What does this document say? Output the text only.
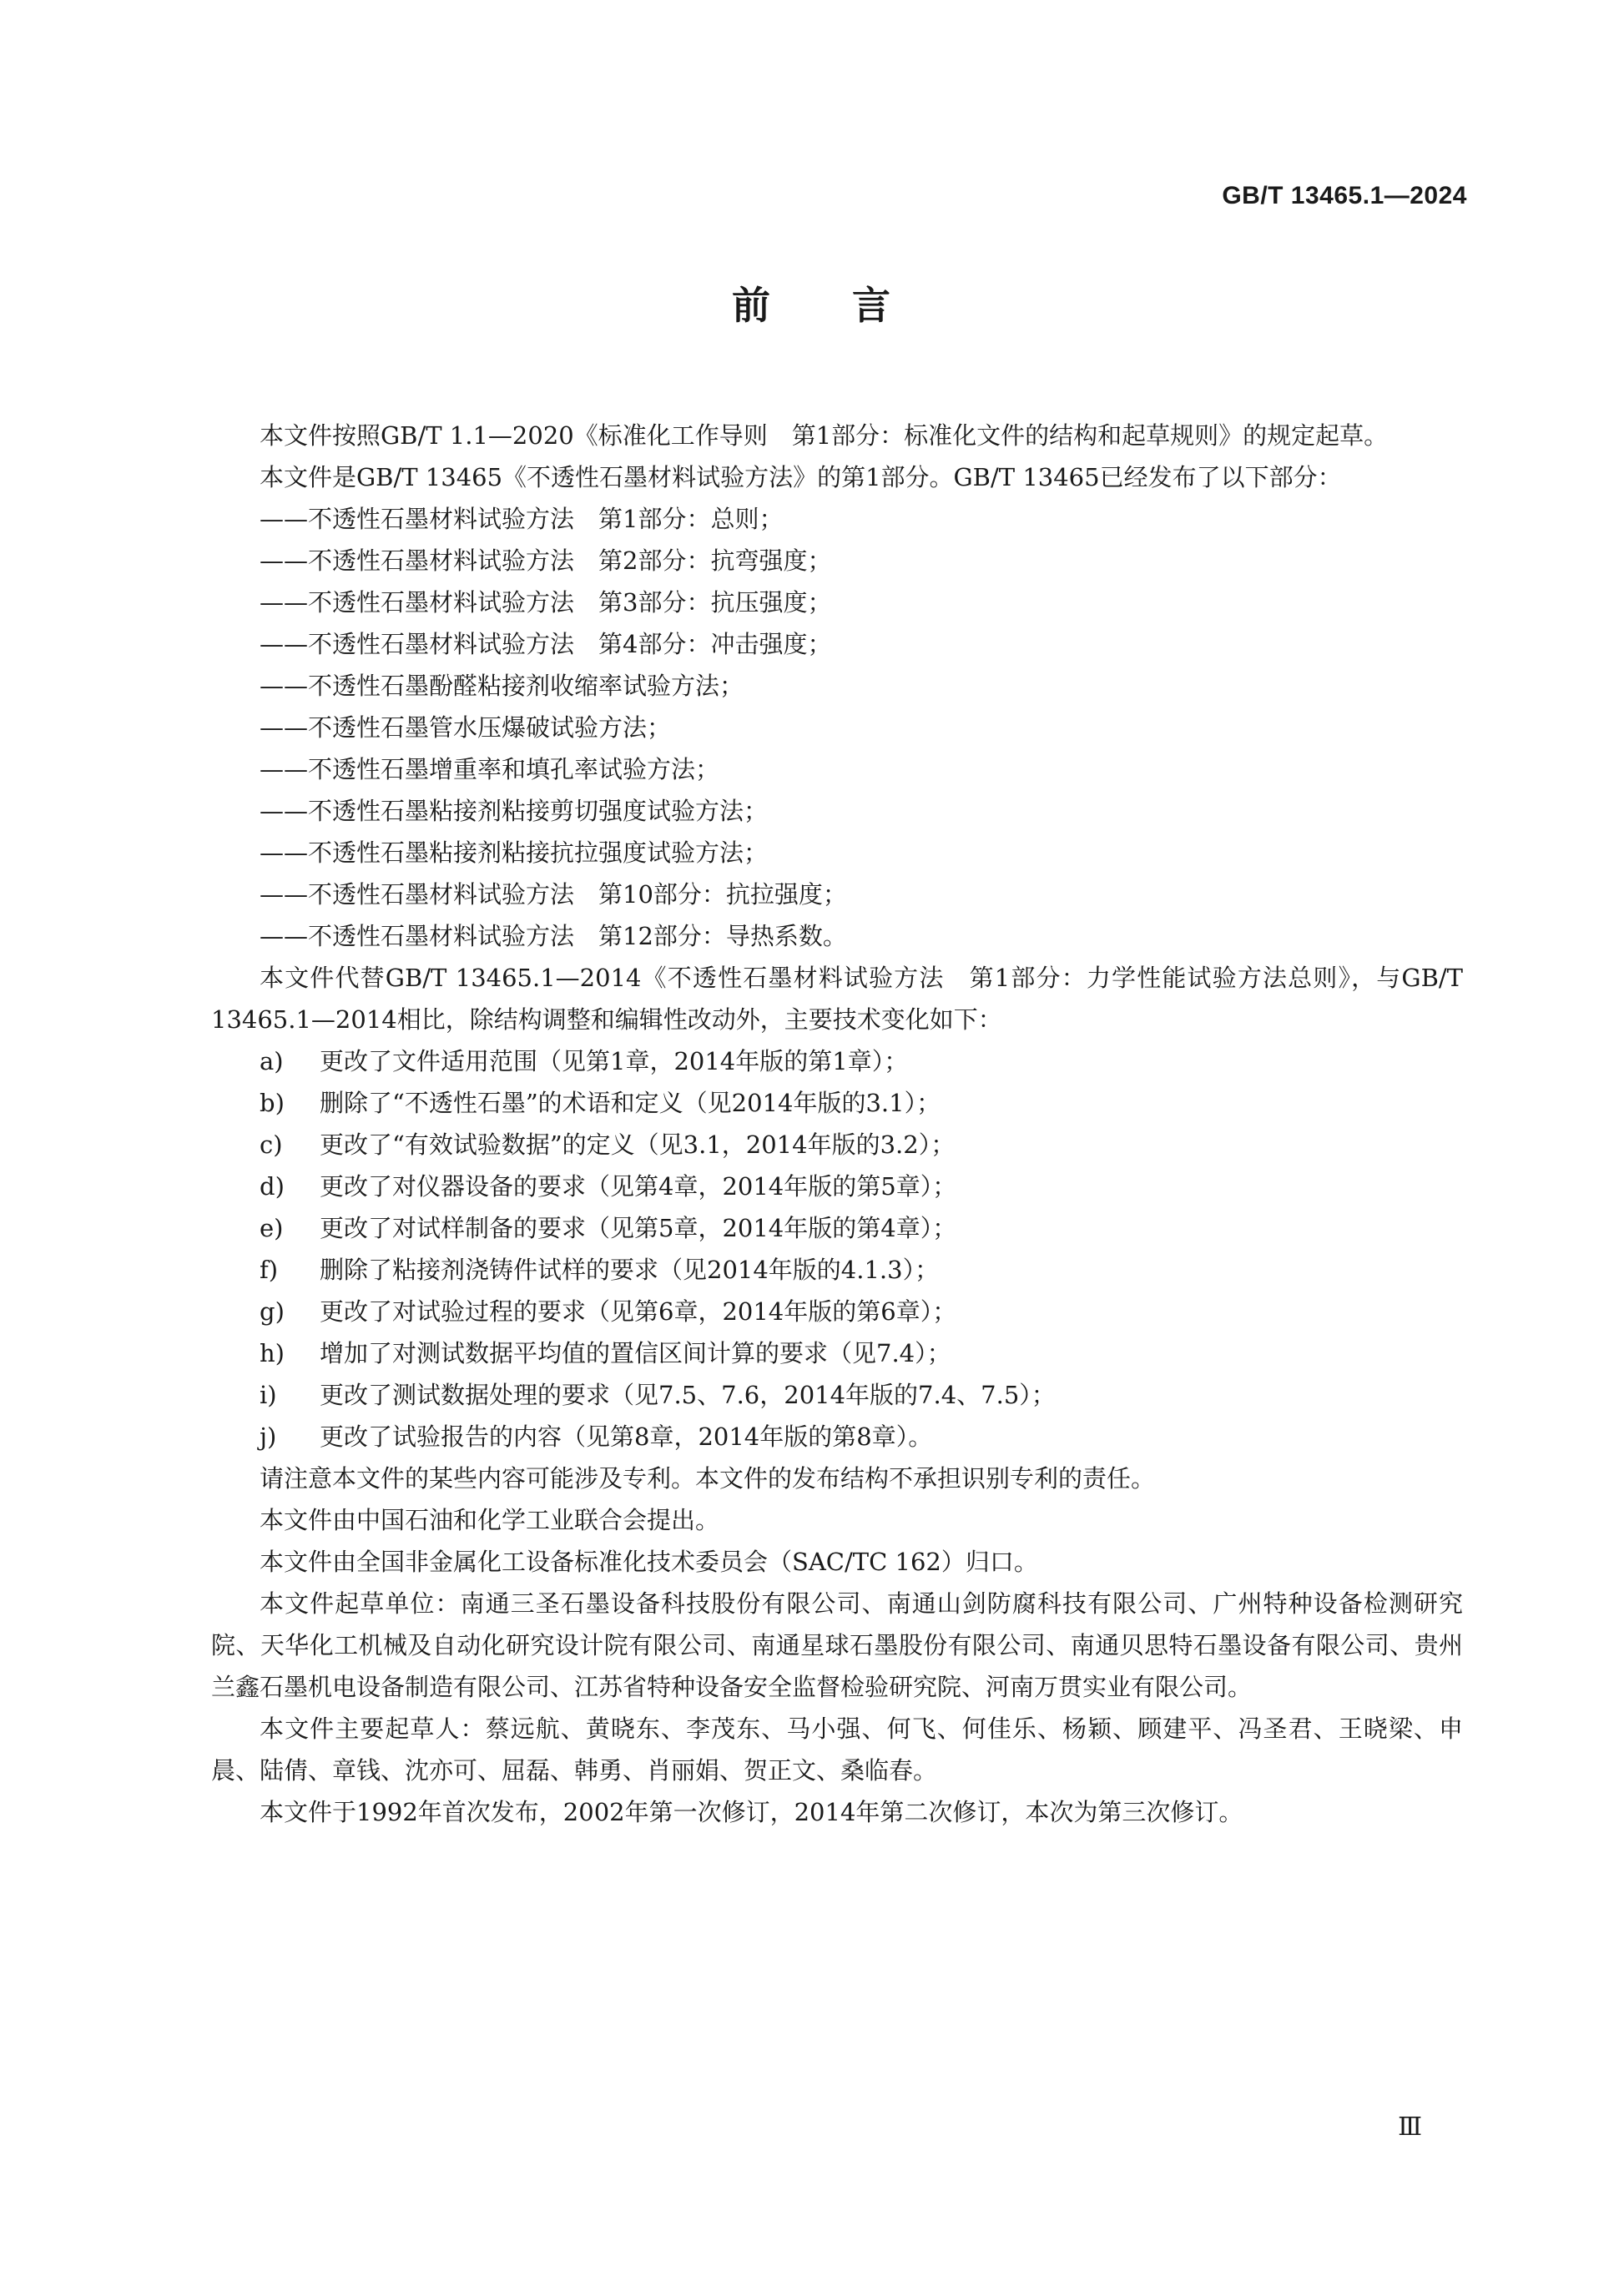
GB/T 13465.1—2024
前 言

本文件按照GB/T 1.1—2020《标准化工作导则　第1部分：标准化文件的结构和起草规则》的规定起草。

本文件是GB/T 13465《不透性石墨材料试验方法》的第1部分。GB/T 13465已经发布了以下部分：

——不透性石墨材料试验方法　第1部分：总则；

——不透性石墨材料试验方法　第2部分：抗弯强度；

——不透性石墨材料试验方法　第3部分：抗压强度；

——不透性石墨材料试验方法　第4部分：冲击强度；

——不透性石墨酚醛粘接剂收缩率试验方法；

——不透性石墨管水压爆破试验方法；

——不透性石墨增重率和填孔率试验方法；

——不透性石墨粘接剂粘接剪切强度试验方法；

——不透性石墨粘接剂粘接抗拉强度试验方法；

——不透性石墨材料试验方法　第10部分：抗拉强度；

——不透性石墨材料试验方法　第12部分：导热系数。

本文件代替GB/T 13465.1—2014《不透性石墨材料试验方法　第1部分：力学性能试验方法总则》，与GB/T 13465.1—2014相比，除结构调整和编辑性改动外，主要技术变化如下：

a) 更改了文件适用范围（见第1章，2014年版的第1章）；

b) 删除了“不透性石墨”的术语和定义（见2014年版的3.1）；

c) 更改了“有效试验数据”的定义（见3.1，2014年版的3.2）；

d) 更改了对仪器设备的要求（见第4章，2014年版的第5章）；

e) 更改了对试样制备的要求（见第5章，2014年版的第4章）；

f) 删除了粘接剂浇铸件试样的要求（见2014年版的4.1.3）；

g) 更改了对试验过程的要求（见第6章，2014年版的第6章）；

h) 增加了对测试数据平均值的置信区间计算的要求（见7.4）；

i) 更改了测试数据处理的要求（见7.5、7.6，2014年版的7.4、7.5）；

j) 更改了试验报告的内容（见第8章，2014年版的第8章）。

请注意本文件的某些内容可能涉及专利。本文件的发布结构不承担识别专利的责任。

本文件由中国石油和化学工业联合会提出。

本文件由全国非金属化工设备标准化技术委员会（SAC/TC 162）归口。

本文件起草单位：南通三圣石墨设备科技股份有限公司、南通山剑防腐科技有限公司、广州特种设备检测研究院、天华化工机械及自动化研究设计院有限公司、南通星球石墨股份有限公司、南通贝思特石墨设备有限公司、贵州兰鑫石墨机电设备制造有限公司、江苏省特种设备安全监督检验研究院、河南万贯实业有限公司。

本文件主要起草人：蔡远航、黄晓东、李茂东、马小强、何飞、何佳乐、杨颖、顾建平、冯圣君、王晓梁、申晨、陆倩、章钱、沈亦可、屈磊、韩勇、肖丽娟、贺正文、桑临春。

本文件于1992年首次发布，2002年第一次修订，2014年第二次修订，本次为第三次修订。

Ⅲ
